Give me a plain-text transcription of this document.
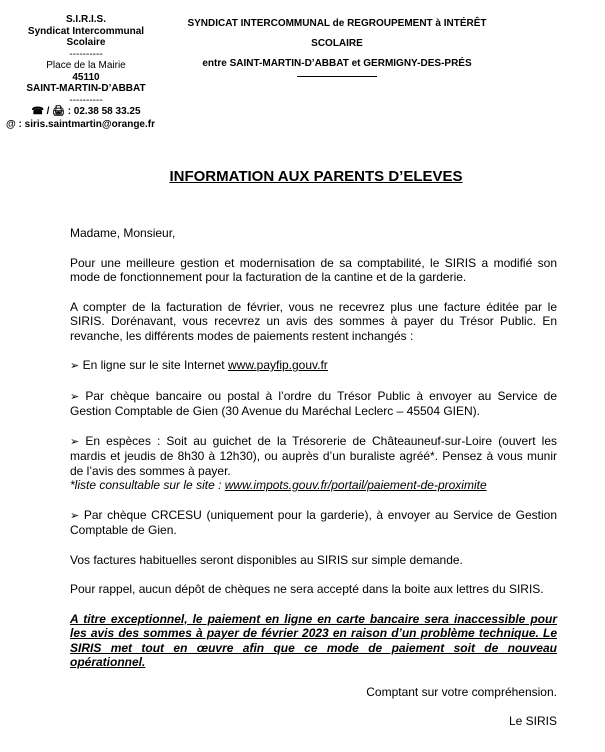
S.I.R.I.S.
Syndicat Intercommunal
Scolaire
----------
Place de la Mairie
45110
SAINT-MARTIN-D’ABBAT
----------
☎ / 🖨 : 02.38 58 33.25
@ : siris.saintmartin@orange.fr
SYNDICAT INTERCOMMUNAL de REGROUPEMENT à INTÉRÊT SCOLAIRE
entre SAINT-MARTIN-D’ABBAT et GERMIGNY-DES-PRÉS
INFORMATION AUX PARENTS D’ELEVES

Madame, Monsieur,

Pour une meilleure gestion et modernisation de sa comptabilité, le SIRIS a modifié son mode de fonctionnement pour la facturation de la cantine et de la garderie.

A compter de la facturation de février, vous ne recevrez plus une facture éditée par le SIRIS. Dorénavant, vous recevrez un avis des sommes à payer du Trésor Public. En revanche, les différents modes de paiements restent inchangés :

➢ En ligne sur le site Internet www.payfip.gouv.fr

➢ Par chèque bancaire ou postal à l’ordre du Trésor Public à envoyer au Service de Gestion Comptable de Gien (30 Avenue du Maréchal Leclerc – 45504 GIEN).

➢ En espèces : Soit au guichet de la Trésorerie de Châteauneuf-sur-Loire (ouvert les mardis et jeudis de 8h30 à 12h30), ou auprès d’un buraliste agréé*. Pensez à vous munir de l’avis des sommes à payer.
*liste consultable sur le site : www.impots.gouv.fr/portail/paiement-de-proximite

➢ Par chèque CRCESU (uniquement pour la garderie), à envoyer au Service de Gestion Comptable de Gien.

Vos factures habituelles seront disponibles au SIRIS sur simple demande.

Pour rappel, aucun dépôt de chèques ne sera accepté dans la boite aux lettres du SIRIS.

A titre exceptionnel, le paiement en ligne en carte bancaire sera inaccessible pour les avis des sommes à payer de février 2023 en raison d’un problème technique. Le SIRIS met tout en œuvre afin que ce mode de paiement soit de nouveau opérationnel.

Comptant sur votre compréhension.

Le SIRIS
